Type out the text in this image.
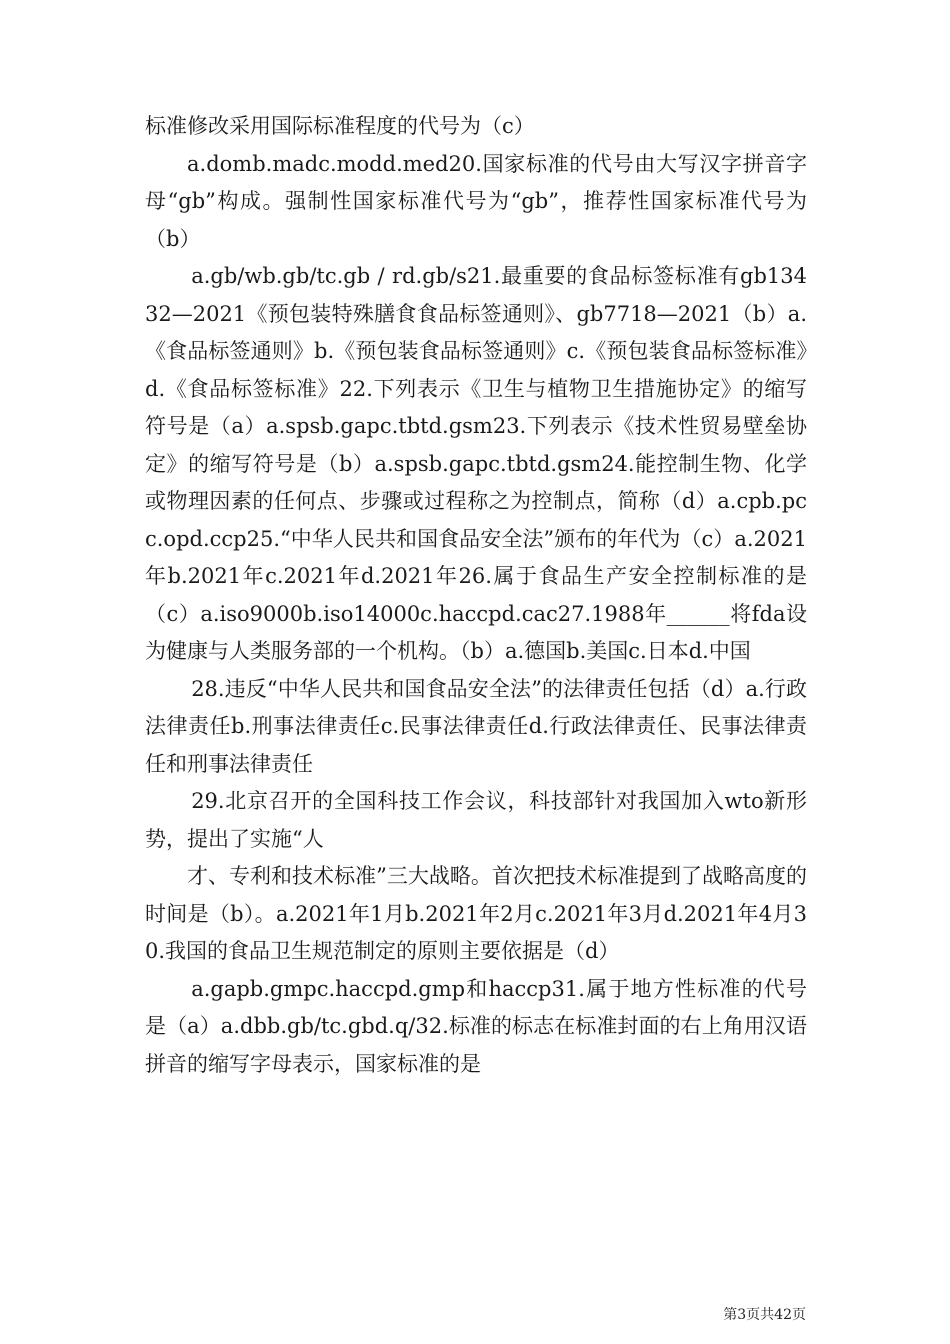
标准修改采用国际标准程度的代号为（c）

a.domb.madc.modd.med20.国家标准的代号由大写汉字拼音字母“gb”构成。强制性国家标准代号为“gb”，推荐性国家标准代号为（b）

a.gb/wb.gb/tc.gb / rd.gb/s21.最重要的食品标签标准有gb13432—2021《预包装特殊膳食食品标签通则》、gb7718—2021（b）a.《食品标签通则》b.《预包装食品标签通则》c.《预包装食品标签标准》d.《食品标签标准》22.下列表示《卫生与植物卫生措施协定》的缩写符号是（a）a.spsb.gapc.tbtd.gsm23.下列表示《技术性贸易壁垒协定》的缩写符号是（b）a.spsb.gapc.tbtd.gsm24.能控制生物、化学或物理因素的任何点、步骤或过程称之为控制点，简称（d）a.cpb.pcc.opd.ccp25.“中华人民共和国食品安全法”颁布的年代为（c）a.2021年b.2021年c.2021年d.2021年26.属于食品生产安全控制标准的是（c）a.iso9000b.iso14000c.haccpd.cac27.1988年______将fda设为健康与人类服务部的一个机构。（b）a.德国b.美国c.日本d.中国

28.违反“中华人民共和国食品安全法”的法律责任包括（d）a.行政法律责任b.刑事法律责任c.民事法律责任d.行政法律责任、民事法律责任和刑事法律责任

29.北京召开的全国科技工作会议，科技部针对我国加入wto新形势，提出了实施“人

才、专利和技术标准”三大战略。首次把技术标准提到了战略高度的时间是（b）。a.2021年1月b.2021年2月c.2021年3月d.2021年4月30.我国的食品卫生规范制定的原则主要依据是（d）

a.gapb.gmpc.haccpd.gmp和haccp31.属于地方性标准的代号是（a）a.dbb.gb/tc.gbd.q/32.标准的标志在标准封面的右上角用汉语拼音的缩写字母表示，国家标准的是

第3页共42页
